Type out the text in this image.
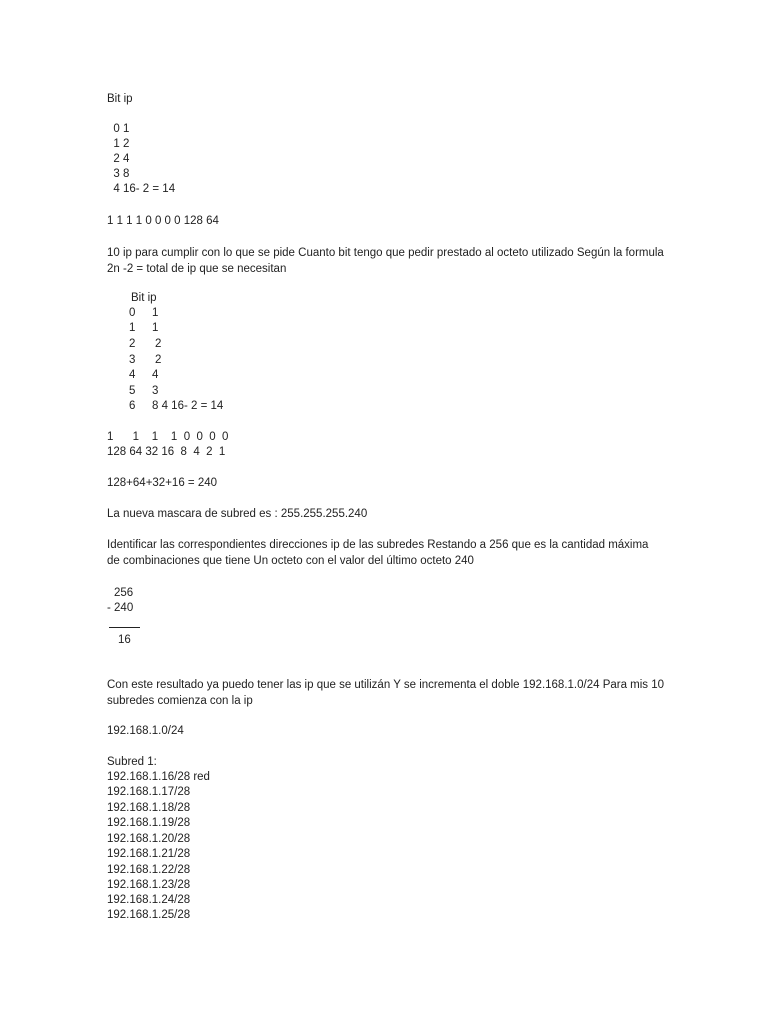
Bit ip
0 1
1 2
2 4
3 8
4 16- 2 = 14
1 1 1 1 0 0 0 0 128 64
10 ip para cumplir con lo que se pide Cuanto bit tengo que pedir prestado al octeto utilizado Según la formula 2n -2 = total de ip que se necesitan
Bit ip
0 1
1 1
2 2
3 2
4 4
5 3
6 8 4 16- 2 = 14
1      1    1    1  0  0  0  0
128 64 32 16  8  4  2  1
128+64+32+16 = 240
La nueva mascara de subred es : 255.255.255.240
Identificar las correspondientes direcciones ip de las subredes Restando a 256 que es la cantidad máxima de combinaciones que tiene Un octeto con el valor del último octeto 240
256
- 240
16
Con este resultado ya puedo tener las ip que se utilizán Y se incrementa el doble 192.168.1.0/24 Para mis 10 subredes comienza con la ip
192.168.1.0/24
Subred 1:
192.168.1.16/28 red
192.168.1.17/28
192.168.1.18/28
192.168.1.19/28
192.168.1.20/28
192.168.1.21/28
192.168.1.22/28
192.168.1.23/28
192.168.1.24/28
192.168.1.25/28
